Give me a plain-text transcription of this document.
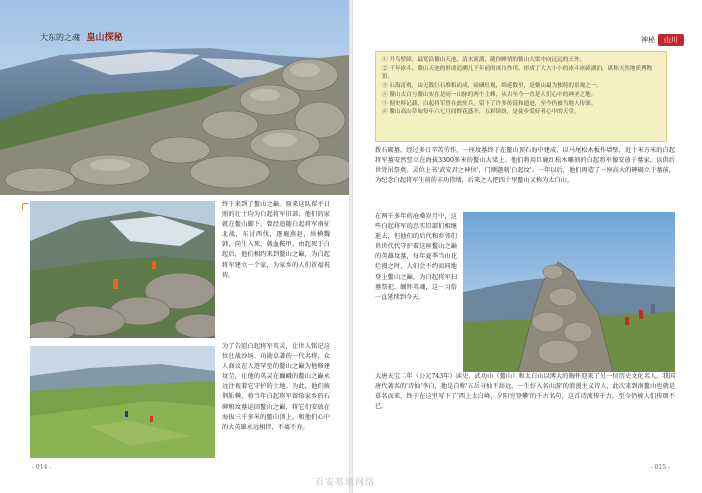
大东的之魂 皇山探秘
终于来到了鳌山之巅。原来这队留平日照的壮士均为白起将军旧部，他们的家就在鳌山脚下，曾经追随白起将军南征北战，东讨西伐，逐鹿燕赵，纵横魏韩，尚生入死，戟血鞍甲。由起死于白起后，他们相约来到鳌山之巅，为白起将军建立一个家，为家乡的人们祈福祝祷。
为了告慰白起将军英灵，让世人铭记这位壮战沙场、功勋卓著的一代名将，众人商议在人迹罕至的鳌山之巅为他修建坟茔，让他的英灵在巍峨的鳌山之巅永远注视着它守护的土地。为此，他们披荆斩棘，将当年白起将军留给家乡的石碑和坟墓运回鳌山之巅，将它们安放在海拔三千多米的鳌山顶上，和他们心中的大英雄永远相伴，不离不弃。
- 014 -
神秘	山川
① 升鸟壁障，最宽沿鳌山天池，清水流淌，随你睡情的鳌山大梁中向远远的天外。
② 千年冰斗，鳌山天池的形成追溯几千年前的冰川作用，形成了大大小小的冰斗冰碛湖泊，堪称天然地质博物馆。
③ 石海奇观，由无数巨石堆积而成，磅礴壮观，绵延数里，是鳌山最为独特的景观之一。
④ 鳌山太白与鳌山实在是同一山脉的两个主峰，从古至今一直是人们心中的神圣之地。
⑤ 据史料记载，白起将军曾在此驻兵，留下了许多传说和遗迹，至今仍被当地人传颂。
⑥ 鳌山高山草甸每年六七月间野花盛开，五彩缤纷，是徒步爱好者心中的天堂。
拨石砌墓，经过多日辛苦劳作，一座坟墓终于在鳌山顶石海中建成，以马尾松木板作墙壁，近十米方米的白起将军墓安然竖立在海拔3300多米的鳌山大梁上。他们将用巨鹿红松木雕刻的白起将军像安放于墓家，以供后世凭吊祭奠。灵位上书'武安君之神位'，门额题刻'白起坟'。一年以后，他们再造了一座高大的碑碣立于墓前，为纪念白起将军生前的丰功伟绩，后来之人把四十里鳌山又称为太白山。
在两千多年的沧桑岁月中，这些白起将军的忠实旧部们相继逝去，但他们的后代和乡邻们世世代代守护着这座鳌山之巅的英雄坟墓，每年夏季当山花烂漫之时，人们会不约而同地登上鳌山之巅，为白起将军扫墓祭祀，缅怀英魂，这一习俗一直延续到今天。
大唐天宝二年（公元743年）读史，武功山（鳌山）和太白山以博大的胸怀迎来了另一位历史文化名人。我国唐代著名的'诗仙'李白，他是自称'五岳寻仙不辞远，一生好入名山游'的浪漫主义诗人，此次来到南鳌山也就是慕名而来，终于在这里写下了'西上太白峰，夕阳穷登攀'的千古名句，这首诗流传千古，至今仍被人们传颂不已。
- 015 -
百安墓地网络
